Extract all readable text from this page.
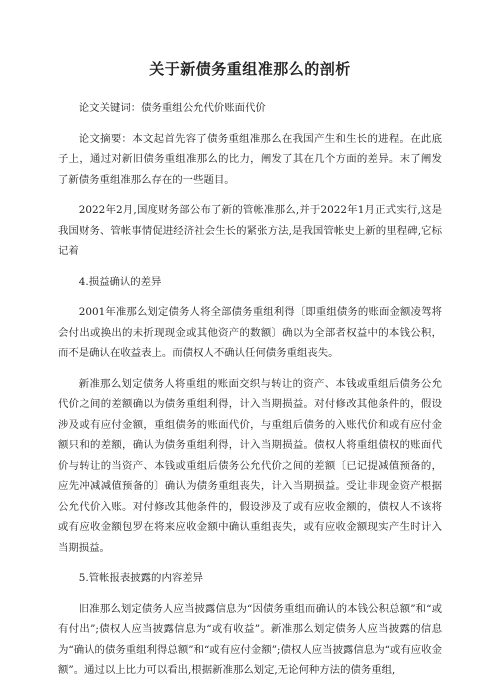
关于新债务重组准那么的剖析

论文关键词：债务重组公允代价账面代价

论文摘要：本文起首先容了债务重组准那么在我国产生和生长的进程。在此底子上，通过对新旧债务重组准那么的比力，阐发了其在几个方面的差异。末了阐发了新债务重组准那么存在的一些题目。

2022年2月,国度财务部公布了新的管帐准那么,并于2022年1月正式实行,这是我国财务、管帐事情促进经济社会生长的紧张方法,是我国管帐史上新的里程碑,它标记着

4.损益确认的差异

2001年准那么划定债务人将全部债务重组利得〔即重组债务的账面金额凌驾将会付出或换出的未折现现金或其他资产的数额〕确以为全部者权益中的本钱公积，而不是确认在收益表上。而债权人不确认任何债务重组丧失。

新准那么划定债务人将重组的账面交织与转让的资产、本钱或重组后债务公允代价之间的差额确以为债务重组利得，计入当期损益。对付修改其他条件的，假设涉及或有应付金额，重组债务的账面代价，与重组后债务的入账代价和或有应付金额只和的差额，确认为债务重组利得，计入当期损益。债权人将重组债权的账面代价与转让的当资产、本钱或重组后债务公允代价之间的差额〔已记提减值预备的，应先冲减减值预备的〕确认为债务重组丧失，计入当期损益。受让非现金资产根据公允代价入账。对付修改其他条件的，假设涉及了或有应收金额的，债权人不该将或有应收金额包罗在将来应收金额中确认重组丧失，或有应收金额现实产生时计入当期损益。

5.管帐报表披露的内容差异

旧准那么划定债务人应当披露信息为“因债务重组而确认的本钱公积总额”和“或有付出”;债权人应当披露信息为“或有收益”。新准那么划定债务人应当披露的信息为“确认的债务重组利得总额”和“或有应付金额”;债权人应当披露信息为“或有应收金额”。通过以上比力可以看出,根据新准那么划定,无论何种方法的债务重组,
